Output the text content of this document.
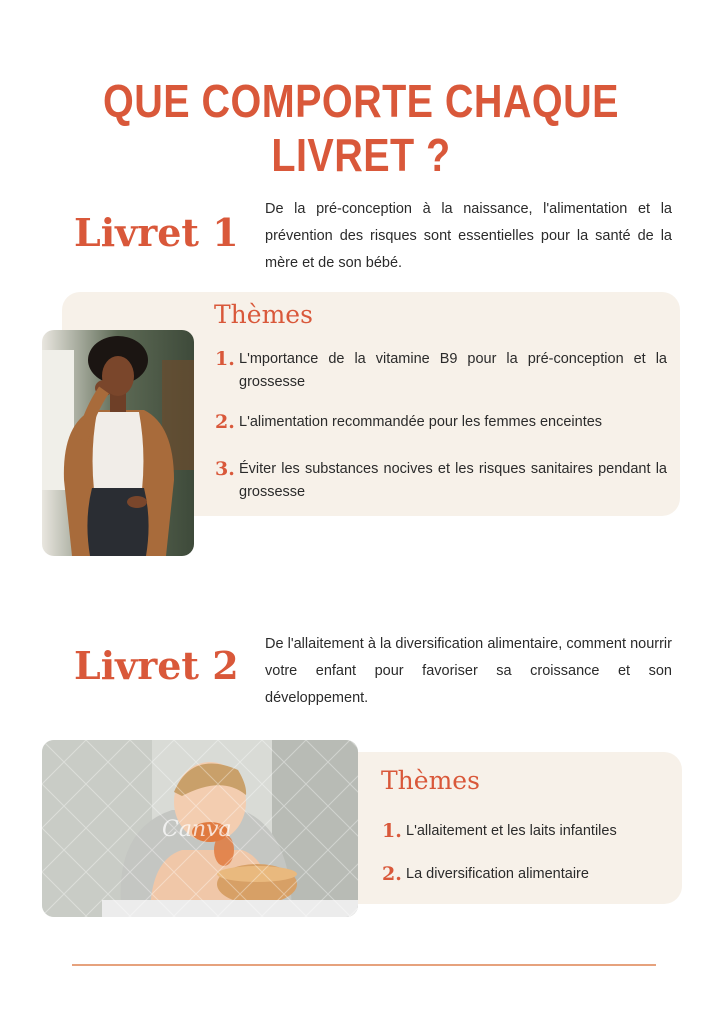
QUE COMPORTE CHAQUE LIVRET ?
Livret 1

De la pré-conception à la naissance, l'alimentation et la prévention des risques sont essentielles pour la santé de la mère et de son bébé.

Thèmes
1. L'mportance de la vitamine B9 pour la pré-conception et la grossesse
2. L'alimentation recommandée pour les femmes enceintes
3. Éviter les substances nocives et les risques sanitaires pendant la grossesse
Livret 2 De l'allaitement à la diversification alimentaire, comment nourrir votre enfant pour favoriser sa croissance et son développement.

Canva
Thèmes
1. L'allaitement et les laits infantiles
2. La diversification alimentaire
